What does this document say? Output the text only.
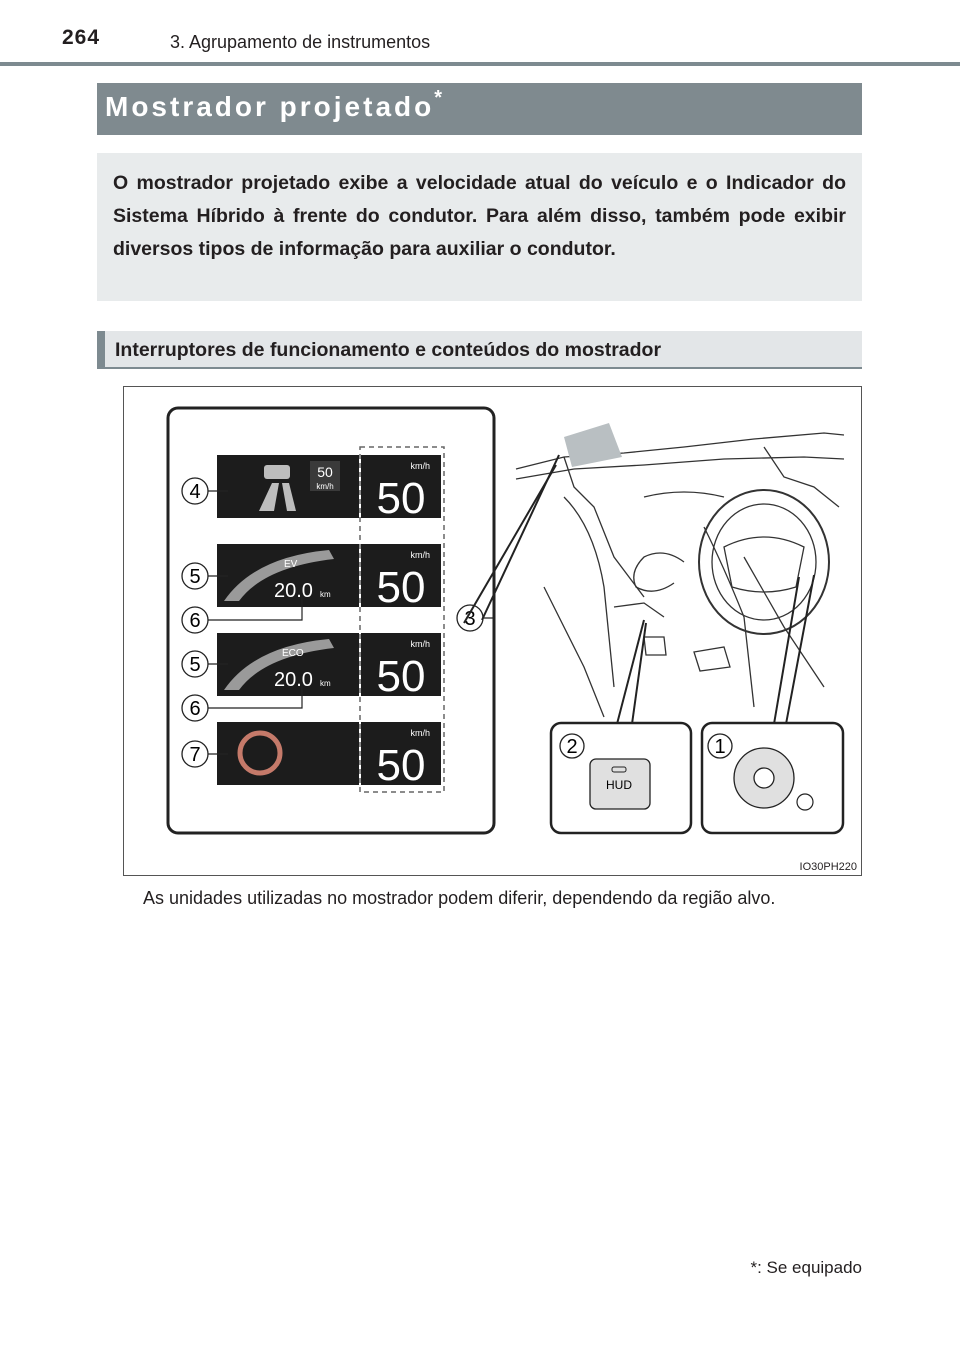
264	3. Agrupamento de instrumentos
Mostrador projetado*

O mostrador projetado exibe a velocidade atual do veículo e o Indicador do Sistema Híbrido à frente do condutor. Para além disso, também pode exibir diversos tipos de informação para auxiliar o condutor.

Interruptores de funcionamento e conteúdos do mostrador
50
km/h
km/h
50
EV
20.0 km
km/h
50
ECO
20.0 km
km/h
50
km/h
50
4
5
6
5
6
7
3
HUD
2	1
IO30PH220

As unidades utilizadas no mostrador podem diferir, dependendo da região alvo.

*: Se equipado
